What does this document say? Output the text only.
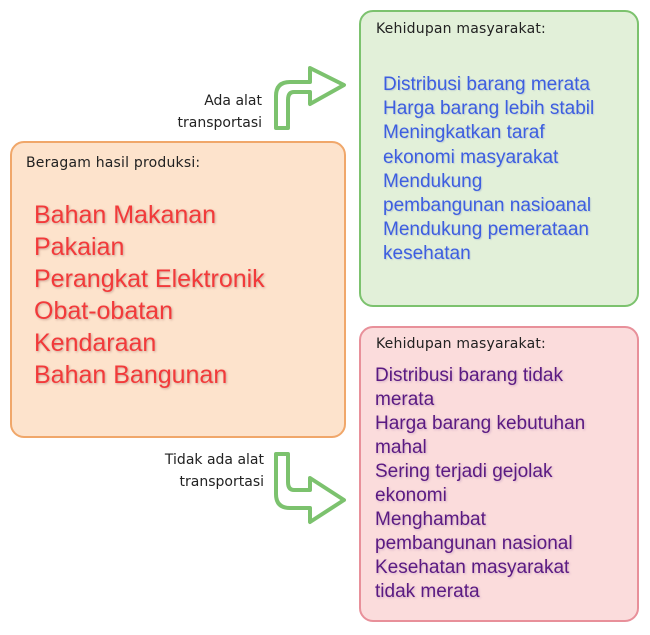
Ada alat
transportasi
Tidak ada alat
transportasi
Beragam hasil produksi:
Bahan Makanan
Pakaian
Perangkat Elektronik
Obat-obatan
Kendaraan
Bahan Bangunan
Kehidupan masyarakat:
Distribusi barang merata
Harga barang lebih stabil
Meningkatkan taraf
ekonomi masyarakat
Mendukung
pembangunan nasioanal
Mendukung pemerataan
kesehatan
Kehidupan masyarakat:
Distribusi barang tidak
merata
Harga barang kebutuhan
mahal
Sering terjadi gejolak
ekonomi
Menghambat
pembangunan nasional
Kesehatan masyarakat
tidak merata
